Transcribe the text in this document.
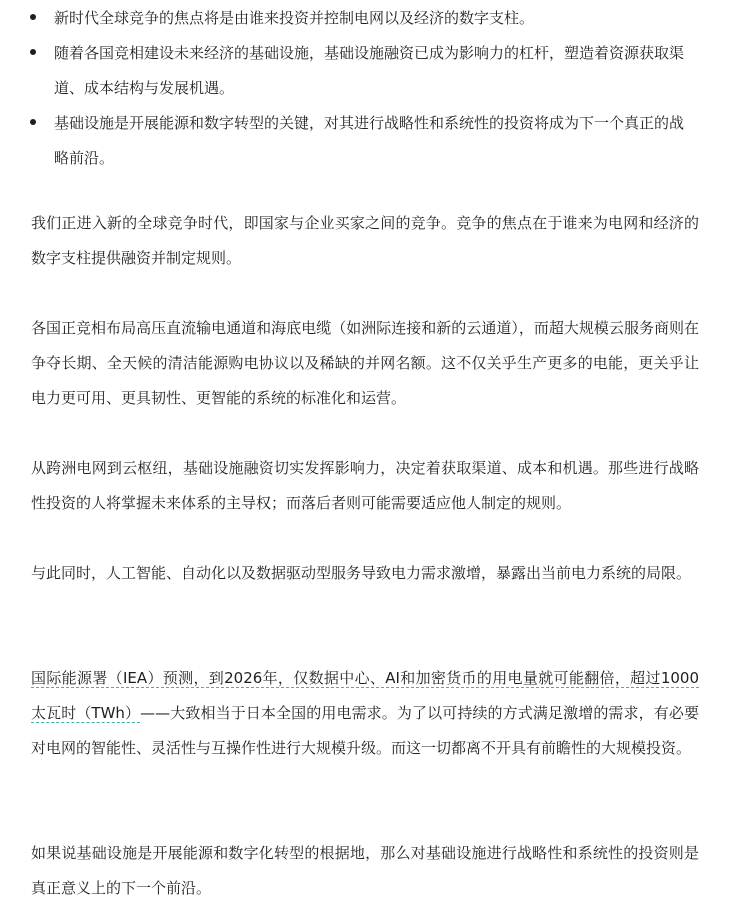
新时代全球竞争的焦点将是由谁来投资并控制电网以及经济的数字支柱。
随着各国竞相建设未来经济的基础设施，基础设施融资已成为影响力的杠杆，塑造着资源获取渠道、成本结构与发展机遇。
基础设施是开展能源和数字转型的关键，对其进行战略性和系统性的投资将成为下一个真正的战略前沿。

我们正进入新的全球竞争时代，即国家与企业买家之间的竞争。竞争的焦点在于谁来为电网和经济的数字支柱提供融资并制定规则。

各国正竞相布局高压直流输电通道和海底电缆（如洲际连接和新的云通道），而超大规模云服务商则在争夺长期、全天候的清洁能源购电协议以及稀缺的并网名额。这不仅关乎生产更多的电能，更关乎让电力更可用、更具韧性、更智能的系统的标准化和运营。

从跨洲电网到云枢纽，基础设施融资切实发挥影响力，决定着获取渠道、成本和机遇。那些进行战略性投资的人将掌握未来体系的主导权；而落后者则可能需要适应他人制定的规则。

与此同时，人工智能、自动化以及数据驱动型服务导致电力需求激增，暴露出当前电力系统的局限。

国际能源署（IEA）预测，到2026年，仅数据中心、AI和加密货币的用电量就可能翻倍，超过1000太瓦时（TWh）——大致相当于日本全国的用电需求。为了以可持续的方式满足激增的需求，有必要对电网的智能性、灵活性与互操作性进行大规模升级。而这一切都离不开具有前瞻性的大规模投资。

如果说基础设施是开展能源和数字化转型的根据地，那么对基础设施进行战略性和系统性的投资则是真正意义上的下一个前沿。
